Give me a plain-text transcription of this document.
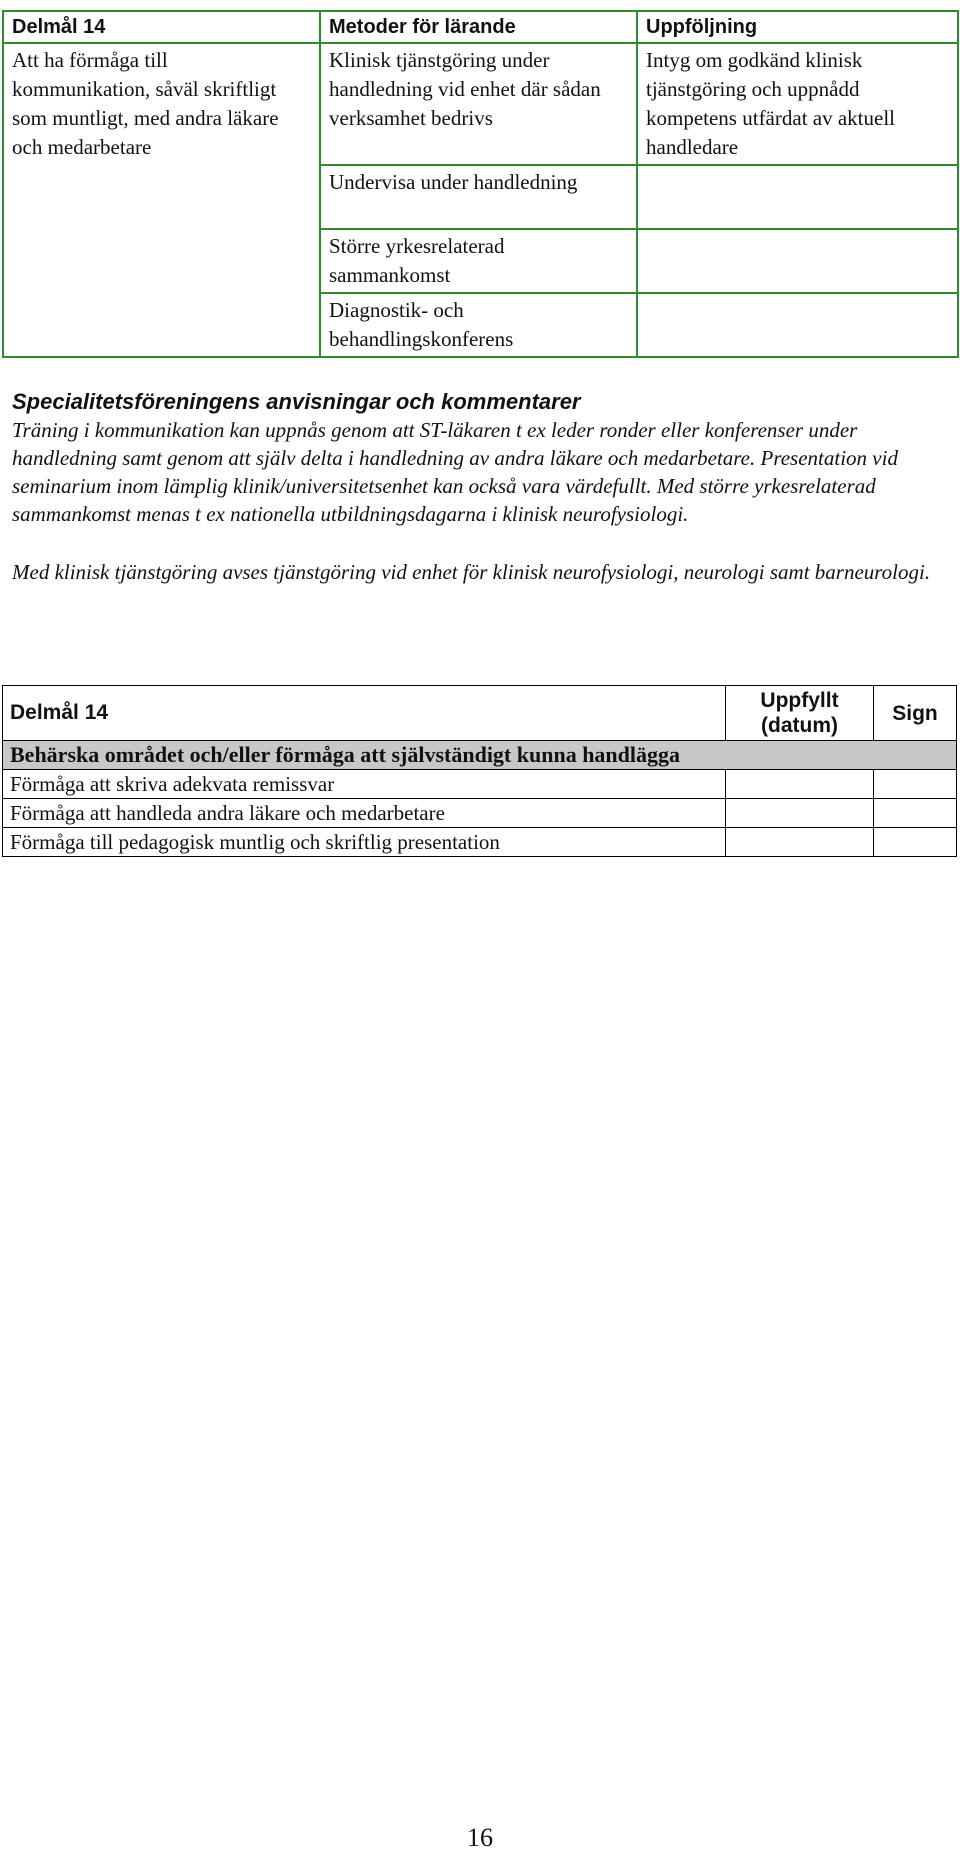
Delmål 14	Metoder för lärande	Uppföljning
Att ha förmåga till kommunikation, såväl skriftligt som muntligt, med andra läkare och medarbetare	Klinisk tjänstgöring under handledning vid enhet där sådan verksamhet bedrivs	Intyg om godkänd klinisk tjänstgöring och uppnådd kompetens utfärdat av aktuell handledare
	Undervisa under handledning	
	Större yrkesrelaterad sammankomst	
	Diagnostik- och behandlingskonferens	

Specialitetsföreningens anvisningar och kommentarer

Träning i kommunikation kan uppnås genom att ST-läkaren t ex leder ronder eller konferenser under handledning samt genom att själv delta i handledning av andra läkare och medarbetare. Presentation vid seminarium inom lämplig klinik/universitetsenhet kan också vara värdefullt. Med större yrkesrelaterad sammankomst menas t ex nationella utbildningsdagarna i klinisk neurofysiologi.

Med klinisk tjänstgöring avses tjänstgöring vid enhet för klinisk neurofysiologi, neurologi samt barneurologi.

Delmål 14	Uppfyllt (datum)	Sign
Behärska området och/eller förmåga att självständigt kunna handlägga		
Förmåga att skriva adekvata remissvar		
Förmåga att handleda andra läkare och medarbetare		
Förmåga till pedagogisk muntlig och skriftlig presentation		
16
